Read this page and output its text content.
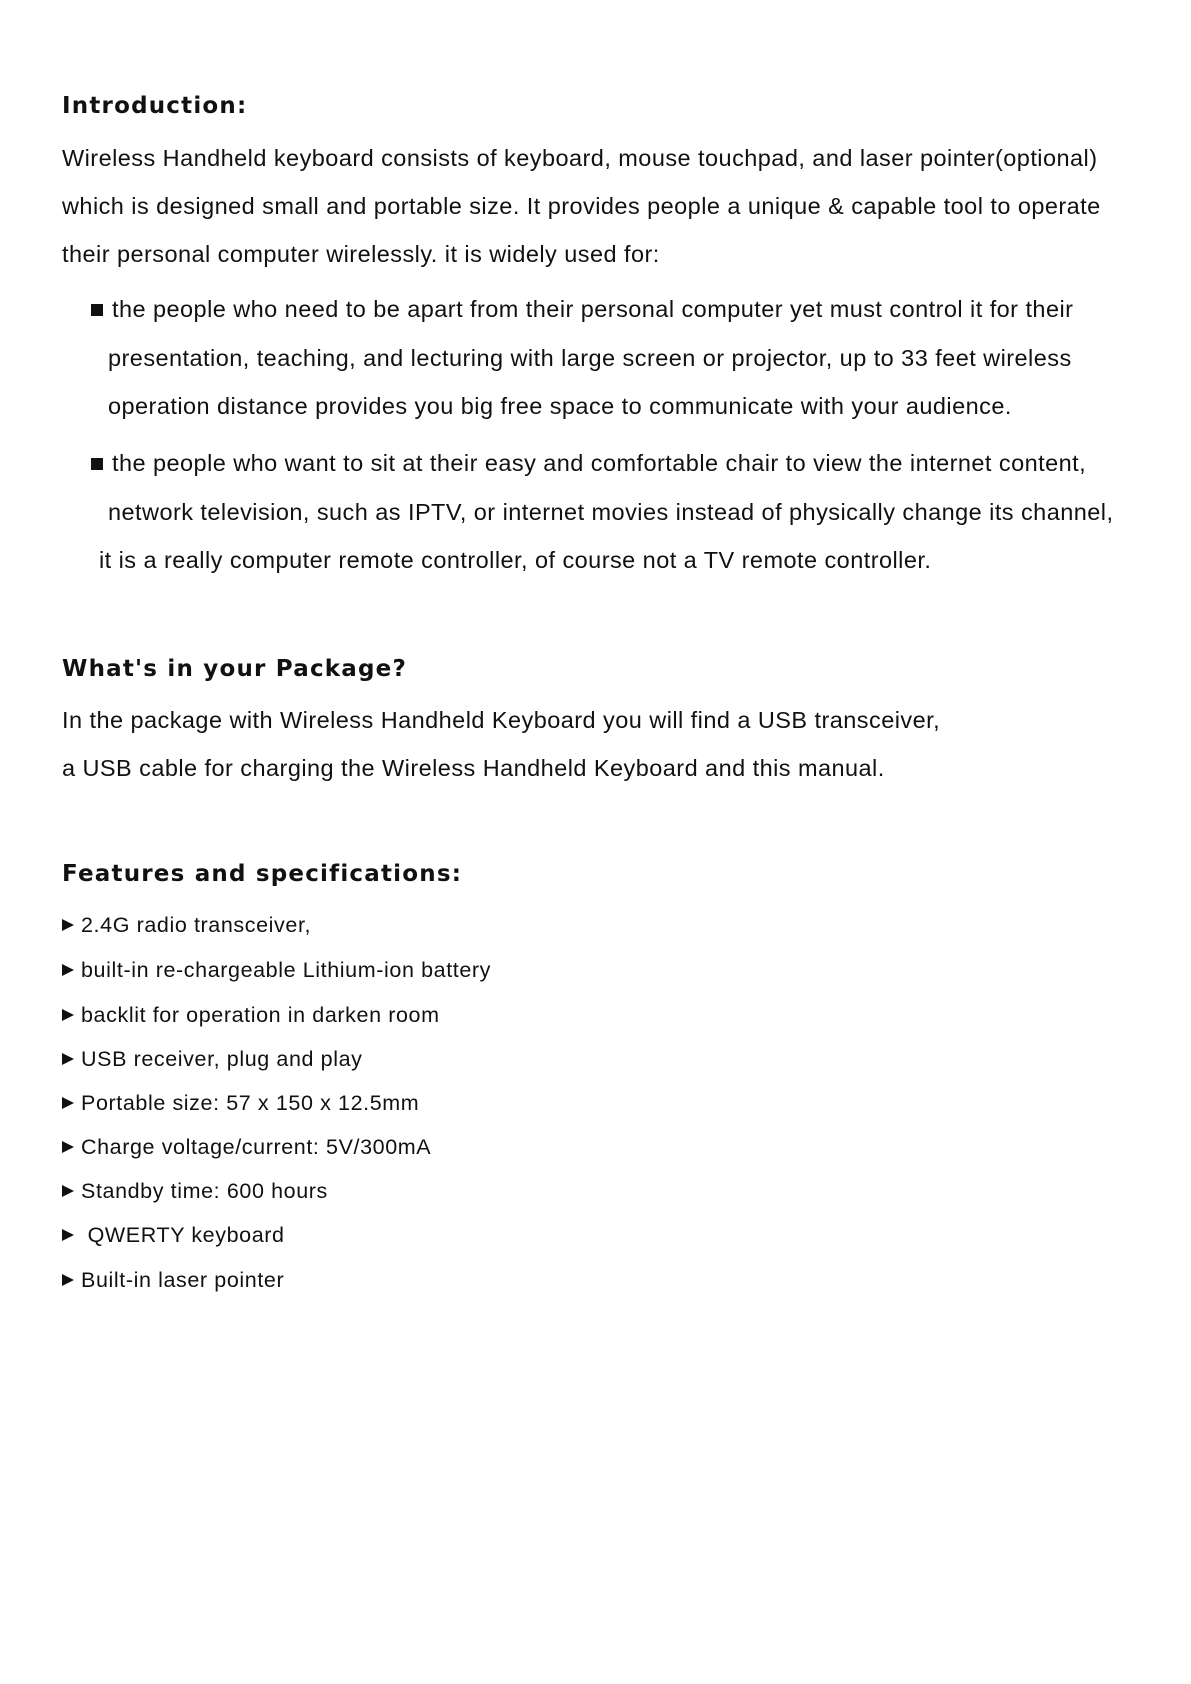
Introduction:
Wireless Handheld keyboard consists of keyboard, mouse touchpad, and laser pointer(optional)
which is designed small and portable size. It provides people a unique & capable tool to operate
their personal computer wirelessly. it is widely used for:
the people who need to be apart from their personal computer yet must control it for their
presentation, teaching, and lecturing with large screen or projector, up to 33 feet wireless
operation distance provides you big free space to communicate with your audience.
the people who want to sit at their easy and comfortable chair to view the internet content,
network television, such as IPTV, or internet movies instead of physically change its channel,
it is a really computer remote controller, of course not a TV remote controller.
What's in your Package?
In the package with Wireless Handheld Keyboard you will find a USB transceiver,
a USB cable for charging the Wireless Handheld Keyboard and this manual.
Features and specifications:
2.4G radio transceiver,
built-in re-chargeable Lithium-ion battery
backlit for operation in darken room
USB receiver, plug and play
Portable size: 57 x 150 x 12.5mm
Charge voltage/current: 5V/300mA
Standby time: 600 hours
QWERTY keyboard
Built-in laser pointer
